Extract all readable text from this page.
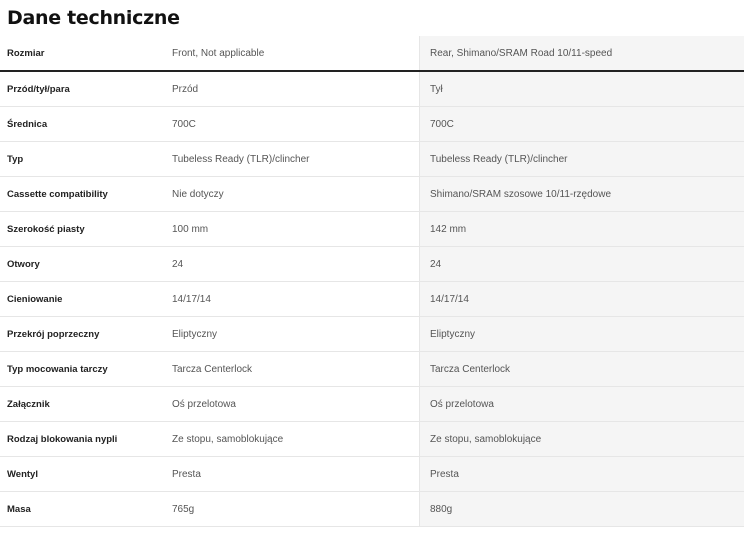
Dane techniczne
Rozmiar	Front, Not applicable	Rear, Shimano/SRAM Road 10/11-speed
Przód/tył/para	Przód	Tył
Średnica	700C	700C
Typ	Tubeless Ready (TLR)/clincher	Tubeless Ready (TLR)/clincher
Cassette compatibility	Nie dotyczy	Shimano/SRAM szosowe 10/11-rzędowe
Szerokość piasty	100 mm	142 mm
Otwory	24	24
Cieniowanie	14/17/14	14/17/14
Przekrój poprzeczny	Eliptyczny	Eliptyczny
Typ mocowania tarczy	Tarcza Centerlock	Tarcza Centerlock
Załącznik	Oś przelotowa	Oś przelotowa
Rodzaj blokowania nypli	Ze stopu, samoblokujące	Ze stopu, samoblokujące
Wentyl	Presta	Presta
Masa	765g	880g
